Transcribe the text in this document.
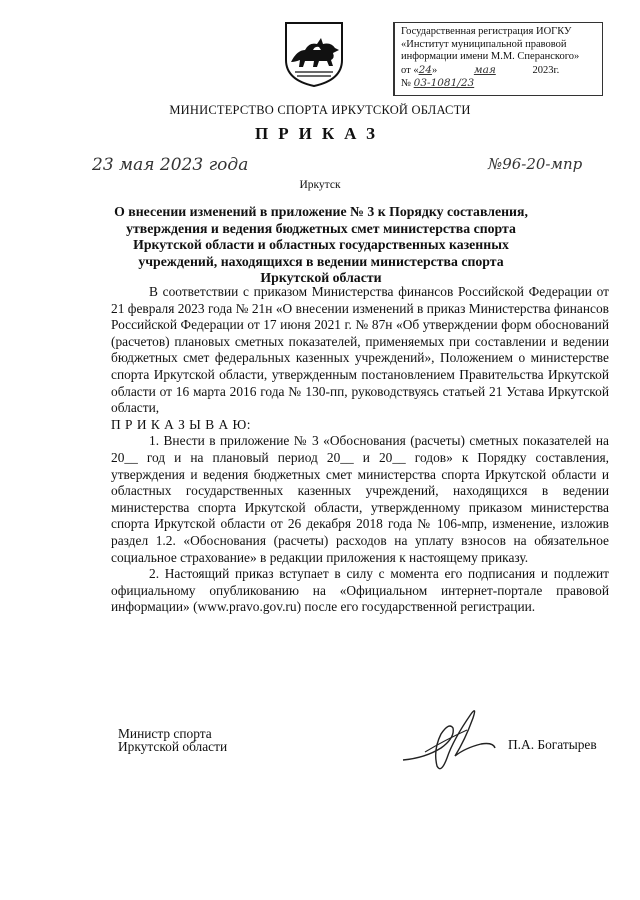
Государственная регистрация ИОГКУ
«Институт муниципальной правовой
информации имени М.М. Сперанского»
от «24»	мая	2023г.
№ 03-1081/23
МИНИСТЕРСТВО СПОРТА ИРКУТСКОЙ ОБЛАСТИ
ПРИКАЗ
23 мая 2023 года	№96-20-мпр
Иркутск
О внесении изменений в приложение № 3 к Порядку составления, утверждения и ведения бюджетных смет министерства спорта Иркутской области и областных государственных казенных учреждений, находящихся в ведении министерства спорта Иркутской области

В соответствии с приказом Министерства финансов Российской Федерации от 21 февраля 2023 года № 21н «О внесении изменений в приказ Министерства финансов Российской Федерации от 17 июня 2021 г. № 87н «Об утверждении форм обоснований (расчетов) плановых сметных показателей, применяемых при составлении и ведении бюджетных смет федеральных казенных учреждений», Положением о министерстве спорта Иркутской области, утвержденным постановлением Правительства Иркутской области от 16 марта 2016 года № 130-пп, руководствуясь статьей 21 Устава Иркутской области,

П Р И К А З Ы В А Ю:

1. Внести в приложение № 3 «Обоснования (расчеты) сметных показателей на 20__ год и на плановый период 20__ и 20__ годов» к Порядку составления, утверждения и ведения бюджетных смет министерства спорта Иркутской области и областных государственных казенных учреждений, находящихся в ведении министерства спорта Иркутской области, утвержденному приказом министерства спорта Иркутской области от 26 декабря 2018 года № 106-мпр, изменение, изложив раздел 1.2. «Обоснования (расчеты) расходов на уплату взносов на обязательное социальное страхование» в редакции приложения к настоящему приказу.

2. Настоящий приказ вступает в силу с момента его подписания и подлежит официальному опубликованию на «Официальном интернет-портале правовой информации» (www.pravo.gov.ru) после его государственной регистрации.

Министр спорта
Иркутской области	П.А. Богатырев
